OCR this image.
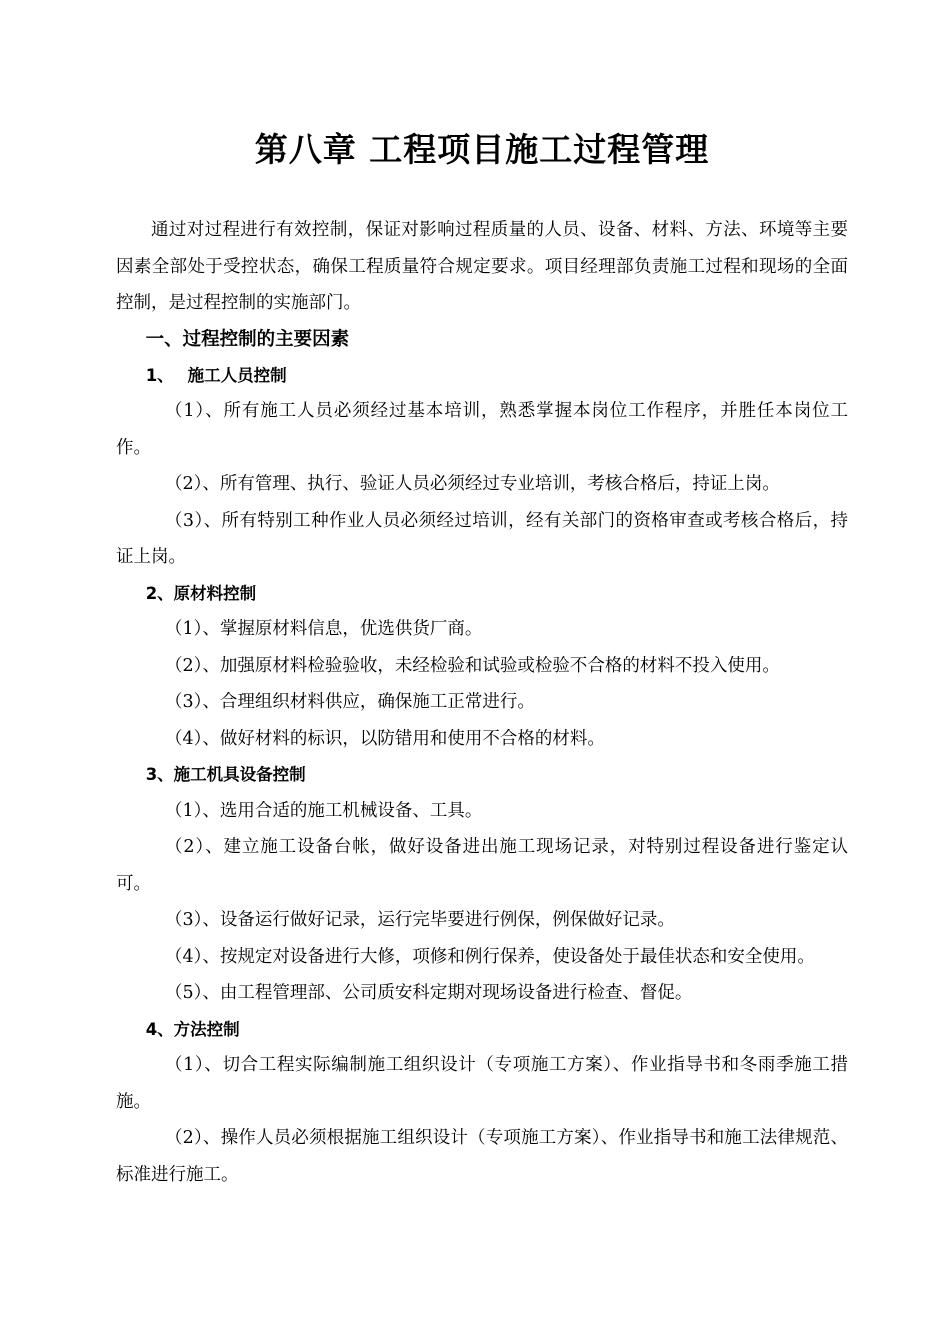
第八章 工程项目施工过程管理

通过对过程进行有效控制，保证对影响过程质量的人员、设备、材料、方法、环境等主要因素全部处于受控状态，确保工程质量符合规定要求。项目经理部负责施工过程和现场的全面控制，是过程控制的实施部门。

一、过程控制的主要因素

1、 施工人员控制

（1）、所有施工人员必须经过基本培训，熟悉掌握本岗位工作程序，并胜任本岗位工作。

（2）、所有管理、执行、验证人员必须经过专业培训，考核合格后，持证上岗。

（3）、所有特别工种作业人员必须经过培训，经有关部门的资格审查或考核合格后，持证上岗。

2、原材料控制

（1）、掌握原材料信息，优选供货厂商。

（2）、加强原材料检验验收，未经检验和试验或检验不合格的材料不投入使用。

（3）、合理组织材料供应，确保施工正常进行。

（4）、做好材料的标识，以防错用和使用不合格的材料。

3、施工机具设备控制

（1）、选用合适的施工机械设备、工具。

（2）、建立施工设备台帐，做好设备进出施工现场记录，对特别过程设备进行鉴定认可。

（3）、设备运行做好记录，运行完毕要进行例保，例保做好记录。

（4）、按规定对设备进行大修，项修和例行保养，使设备处于最佳状态和安全使用。

（5）、由工程管理部、公司质安科定期对现场设备进行检查、督促。

4、方法控制

（1）、切合工程实际编制施工组织设计（专项施工方案）、作业指导书和冬雨季施工措施。

（2）、操作人员必须根据施工组织设计（专项施工方案）、作业指导书和施工法律规范、标准进行施工。
